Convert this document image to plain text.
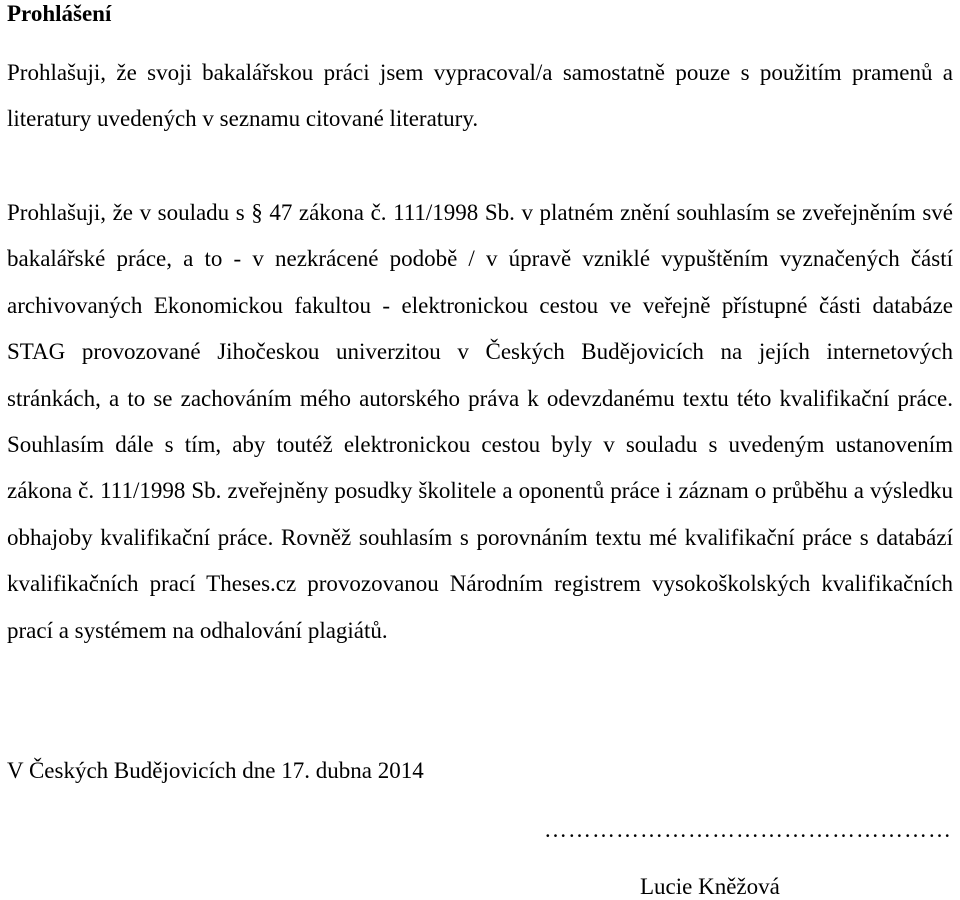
Prohlášení

Prohlašuji, že svoji bakalářskou práci jsem vypracoval/a samostatně pouze s použitím pramenů a literatury uvedených v seznamu citované literatury.

Prohlašuji, že v souladu s § 47 zákona č. 111/1998 Sb. v platném znění souhlasím se zveřejněním své bakalářské práce, a to - v nezkrácené podobě / v úpravě vzniklé vypuštěním vyznačených částí archivovaných Ekonomickou fakultou - elektronickou cestou ve veřejně přístupné části databáze STAG provozované Jihočeskou univerzitou v Českých Budějovicích na jejích internetových stránkách, a to se zachováním mého autorského práva k odevzdanému textu této kvalifikační práce. Souhlasím dále s tím, aby toutéž elektronickou cestou byly v souladu s uvedeným ustanovením zákona č. 111/1998 Sb. zveřejněny posudky školitele a oponentů práce i záznam o průběhu a výsledku obhajoby kvalifikační práce. Rovněž souhlasím s porovnáním textu mé kvalifikační práce s databází kvalifikačních prací Theses.cz provozovanou Národním registrem vysokoškolských kvalifikačních prací a systémem na odhalování plagiátů.

V Českých Budějovicích dne 17. dubna 2014

……………………………………………

Lucie Kněžová
